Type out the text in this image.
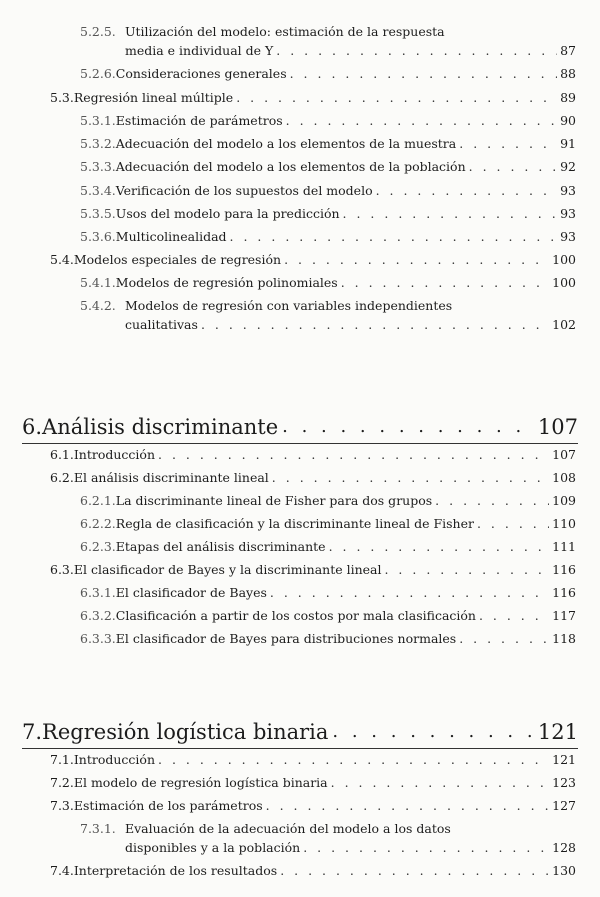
5.2.5. Utilización del modelo: estimación de la respuesta
media e individual de Y . . .	87
5.2.6. Consideraciones generales . . .	88
5.3. Regresión lineal múltiple . . .	89
5.3.1. Estimación de parámetros . . .	90
5.3.2. Adecuación del modelo a los elementos de la muestra . . .	91
5.3.3. Adecuación del modelo a los elementos de la población . . .	92
5.3.4. Verificación de los supuestos del modelo . . .	93
5.3.5. Usos del modelo para la predicción . . .	93
5.3.6. Multicolinealidad . . .	93
5.4. Modelos especiales de regresión . . .	100
5.4.1. Modelos de regresión polinomiales . . .	100
5.4.2. Modelos de regresión con variables independientes
cualitativas . . .	102
6. Análisis discriminante . . .	107
6.1. Introducción . . .	107
6.2. El análisis discriminante lineal . . .	108
6.2.1. La discriminante lineal de Fisher para dos grupos . . .	109
6.2.2. Regla de clasificación y la discriminante lineal de Fisher . . .	110
6.2.3. Etapas del análisis discriminante . . .	111
6.3. El clasificador de Bayes y la discriminante lineal . . .	116
6.3.1. El clasificador de Bayes . . .	116
6.3.2. Clasificación a partir de los costos por mala clasificación . . .	117
6.3.3. El clasificador de Bayes para distribuciones normales . . .	118
7. Regresión logística binaria . . .	121
7.1. Introducción . . .	121
7.2. El modelo de regresión logística binaria . . .	123
7.3. Estimación de los parámetros . . .	127
7.3.1. Evaluación de la adecuación del modelo a los datos
disponibles y a la población . . .	128
7.4. Interpretación de los resultados . . .	130
